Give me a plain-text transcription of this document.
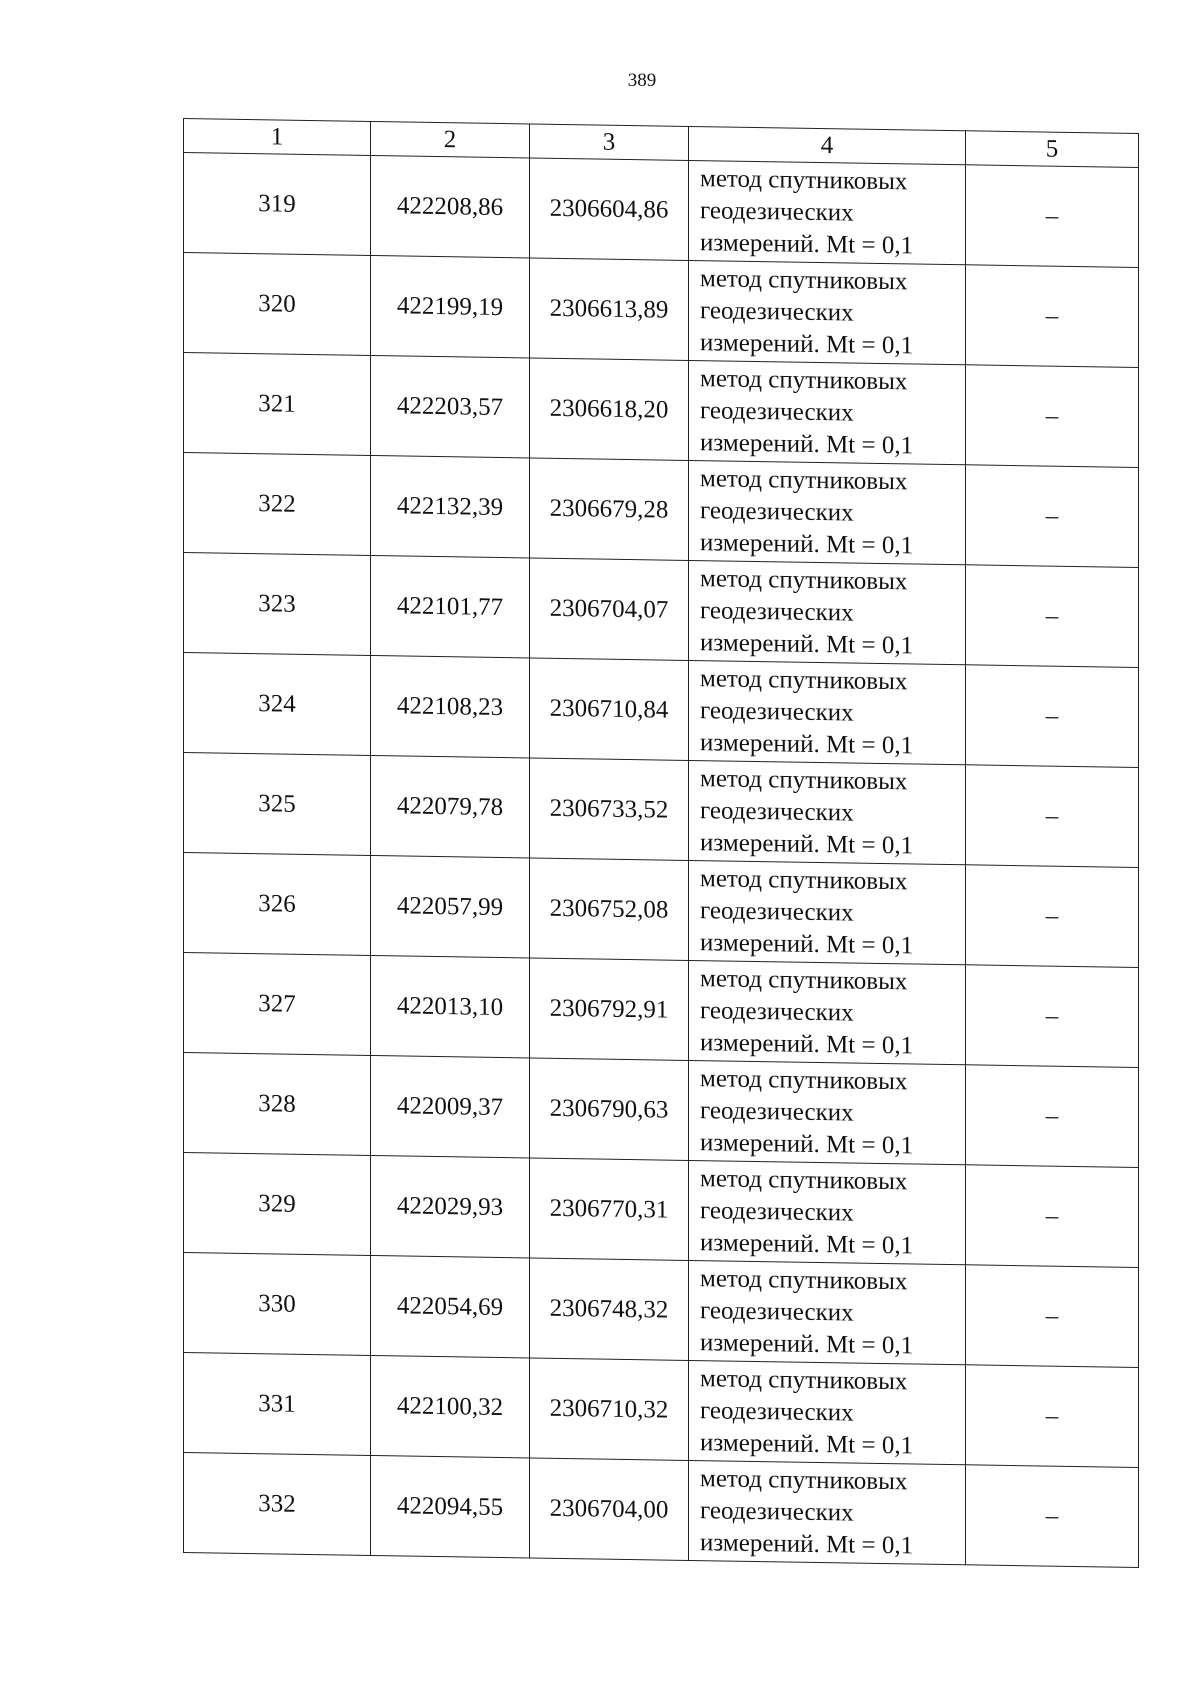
389
1	2	3	4	5
319	422208,86	2306604,86	метод спутниковых
геодезических
измерений. Mt = 0,1	–
320	422199,19	2306613,89	метод спутниковых
геодезических
измерений. Mt = 0,1	–
321	422203,57	2306618,20	метод спутниковых
геодезических
измерений. Mt = 0,1	–
322	422132,39	2306679,28	метод спутниковых
геодезических
измерений. Mt = 0,1	–
323	422101,77	2306704,07	метод спутниковых
геодезических
измерений. Mt = 0,1	–
324	422108,23	2306710,84	метод спутниковых
геодезических
измерений. Mt = 0,1	–
325	422079,78	2306733,52	метод спутниковых
геодезических
измерений. Mt = 0,1	–
326	422057,99	2306752,08	метод спутниковых
геодезических
измерений. Mt = 0,1	–
327	422013,10	2306792,91	метод спутниковых
геодезических
измерений. Mt = 0,1	–
328	422009,37	2306790,63	метод спутниковых
геодезических
измерений. Mt = 0,1	–
329	422029,93	2306770,31	метод спутниковых
геодезических
измерений. Mt = 0,1	–
330	422054,69	2306748,32	метод спутниковых
геодезических
измерений. Mt = 0,1	–
331	422100,32	2306710,32	метод спутниковых
геодезических
измерений. Mt = 0,1	–
332	422094,55	2306704,00	метод спутниковых
геодезических
измерений. Mt = 0,1	–
